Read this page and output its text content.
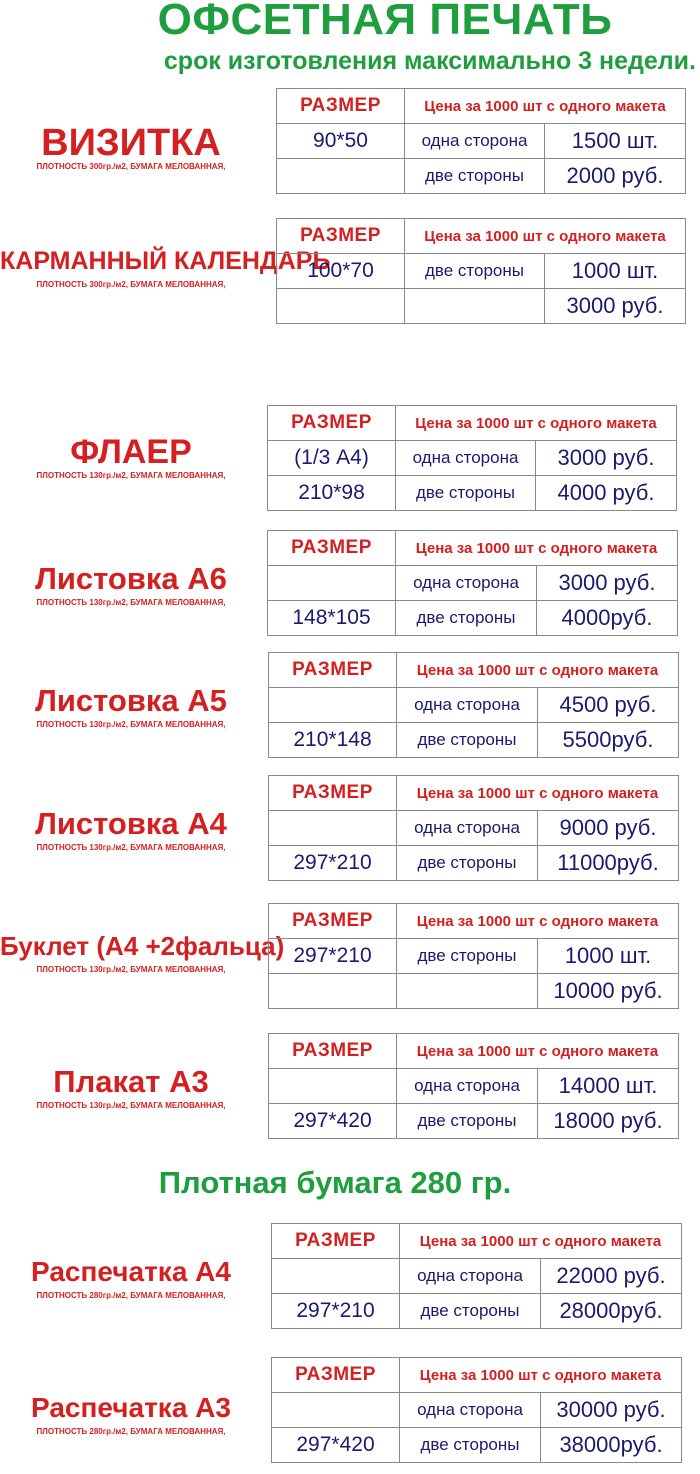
ОФСЕТНАЯ ПЕЧАТЬ
срок изготовления максимально 3 недели.
Плотная бумага 280 гр.
ВИЗИТКА
ПЛОТНОСТЬ 300гр./м2, БУМАГА МЕЛОВАННАЯ,
РАЗМЕР	Цена за 1000 шт с одного макета	
90*50	одна сторона	1500 шт.
	две стороны	2000 руб.
КАРМАННЫЙ КАЛЕНДАРЬ
ПЛОТНОСТЬ 300гр./м2, БУМАГА МЕЛОВАННАЯ,
РАЗМЕР	Цена за 1000 шт с одного макета	
100*70	две стороны	1000 шт.
		3000 руб.
ФЛАЕР
ПЛОТНОСТЬ 130гр./м2, БУМАГА МЕЛОВАННАЯ,
РАЗМЕР	Цена за 1000 шт с одного макета	
(1/3 А4)	одна сторона	3000 руб.
210*98	две стороны	4000 руб.
Листовка А6
ПЛОТНОСТЬ 130гр./м2, БУМАГА МЕЛОВАННАЯ,
РАЗМЕР	Цена за 1000 шт с одного макета	
	одна сторона	3000 руб.
148*105	две стороны	4000руб.
Листовка А5
ПЛОТНОСТЬ 130гр./м2, БУМАГА МЕЛОВАННАЯ,
РАЗМЕР	Цена за 1000 шт с одного макета	
	одна сторона	4500 руб.
210*148	две стороны	5500руб.
Листовка А4
ПЛОТНОСТЬ 130гр./м2, БУМАГА МЕЛОВАННАЯ,
РАЗМЕР	Цена за 1000 шт с одного макета	
	одна сторона	9000 руб.
297*210	две стороны	11000руб.
Буклет (А4 +2фальца)
ПЛОТНОСТЬ 130гр./м2, БУМАГА МЕЛОВАННАЯ,
РАЗМЕР	Цена за 1000 шт с одного макета	
297*210	две стороны	1000 шт.
		10000 руб.
Плакат А3
ПЛОТНОСТЬ 130гр./м2, БУМАГА МЕЛОВАННАЯ,
РАЗМЕР	Цена за 1000 шт с одного макета	
	одна сторона	14000 шт.
297*420	две стороны	18000 руб.
Распечатка А4
ПЛОТНОСТЬ 280гр./м2, БУМАГА МЕЛОВАННАЯ,
РАЗМЕР	Цена за 1000 шт с одного макета	
	одна сторона	22000 руб.
297*210	две стороны	28000руб.
Распечатка А3
ПЛОТНОСТЬ 280гр./м2, БУМАГА МЕЛОВАННАЯ,
РАЗМЕР	Цена за 1000 шт с одного макета	
	одна сторона	30000 руб.
297*420	две стороны	38000руб.
